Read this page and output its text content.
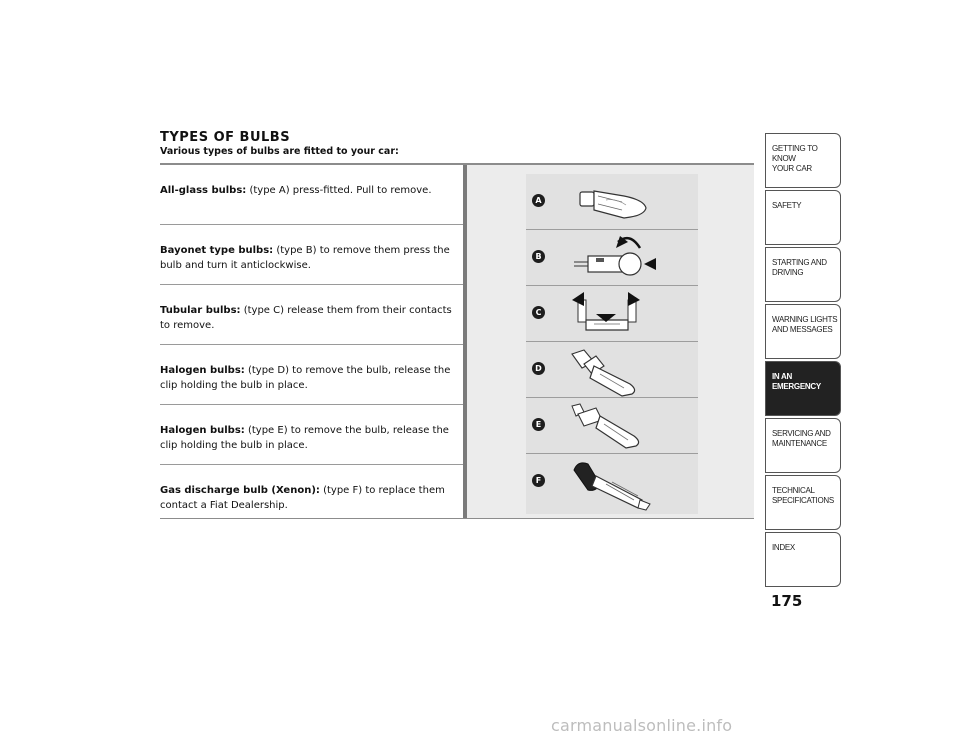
TYPES OF BULBS
Various types of bulbs are fitted to your car:
All-glass bulbs: (type A) press-fitted. Pull to remove.
Bayonet type bulbs: (type B) to remove them press the bulb and turn it anticlockwise.
Tubular bulbs: (type C) release them from their contacts to remove.
Halogen bulbs: (type D) to remove the bulb, release the clip holding the bulb in place.
Halogen bulbs: (type E) to remove the bulb, release the clip holding the bulb in place.
Gas discharge bulb (Xenon): (type F) to replace them contact a Fiat Dealership.
A
B
C
D
E
F
GETTING TO KNOW
YOUR CAR
SAFETY
STARTING AND
DRIVING
WARNING LIGHTS
AND MESSAGES
IN AN
EMERGENCY
SERVICING AND
MAINTENANCE
TECHNICAL
SPECIFICATIONS
INDEX
175
carmanualsonline.info
